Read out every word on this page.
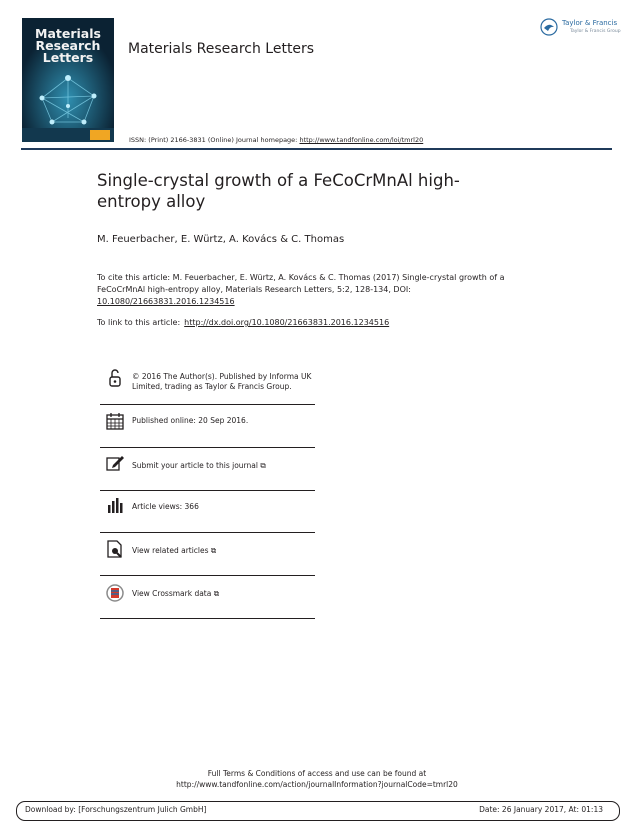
Materials
Research
Letters
Materials Research Letters
Taylor & Francis
Taylor & Francis Group
ISSN: (Print) 2166-3831 (Online) Journal homepage: http://www.tandfonline.com/loi/tmrl20
Single-crystal growth of a FeCoCrMnAl high-entropy alloy
M. Feuerbacher, E. Würtz, A. Kovács & C. Thomas
To cite this article: M. Feuerbacher, E. Würtz, A. Kovács & C. Thomas (2017) Single-crystal growth of a FeCoCrMnAl high-entropy alloy, Materials Research Letters, 5:2, 128-134, DOI: 10.1080/21663831.2016.1234516
To link to this article: http://dx.doi.org/10.1080/21663831.2016.1234516
© 2016 The Author(s). Published by Informa UK Limited, trading as Taylor & Francis Group.
Published online: 20 Sep 2016.
Submit your article to this journal ⧉
Article views: 366
View related articles ⧉
View Crossmark data ⧉
Full Terms & Conditions of access and use can be found at
http://www.tandfonline.com/action/journalInformation?journalCode=tmrl20
Download by: [Forschungszentrum Julich GmbH]	Date: 26 January 2017, At: 01:13
